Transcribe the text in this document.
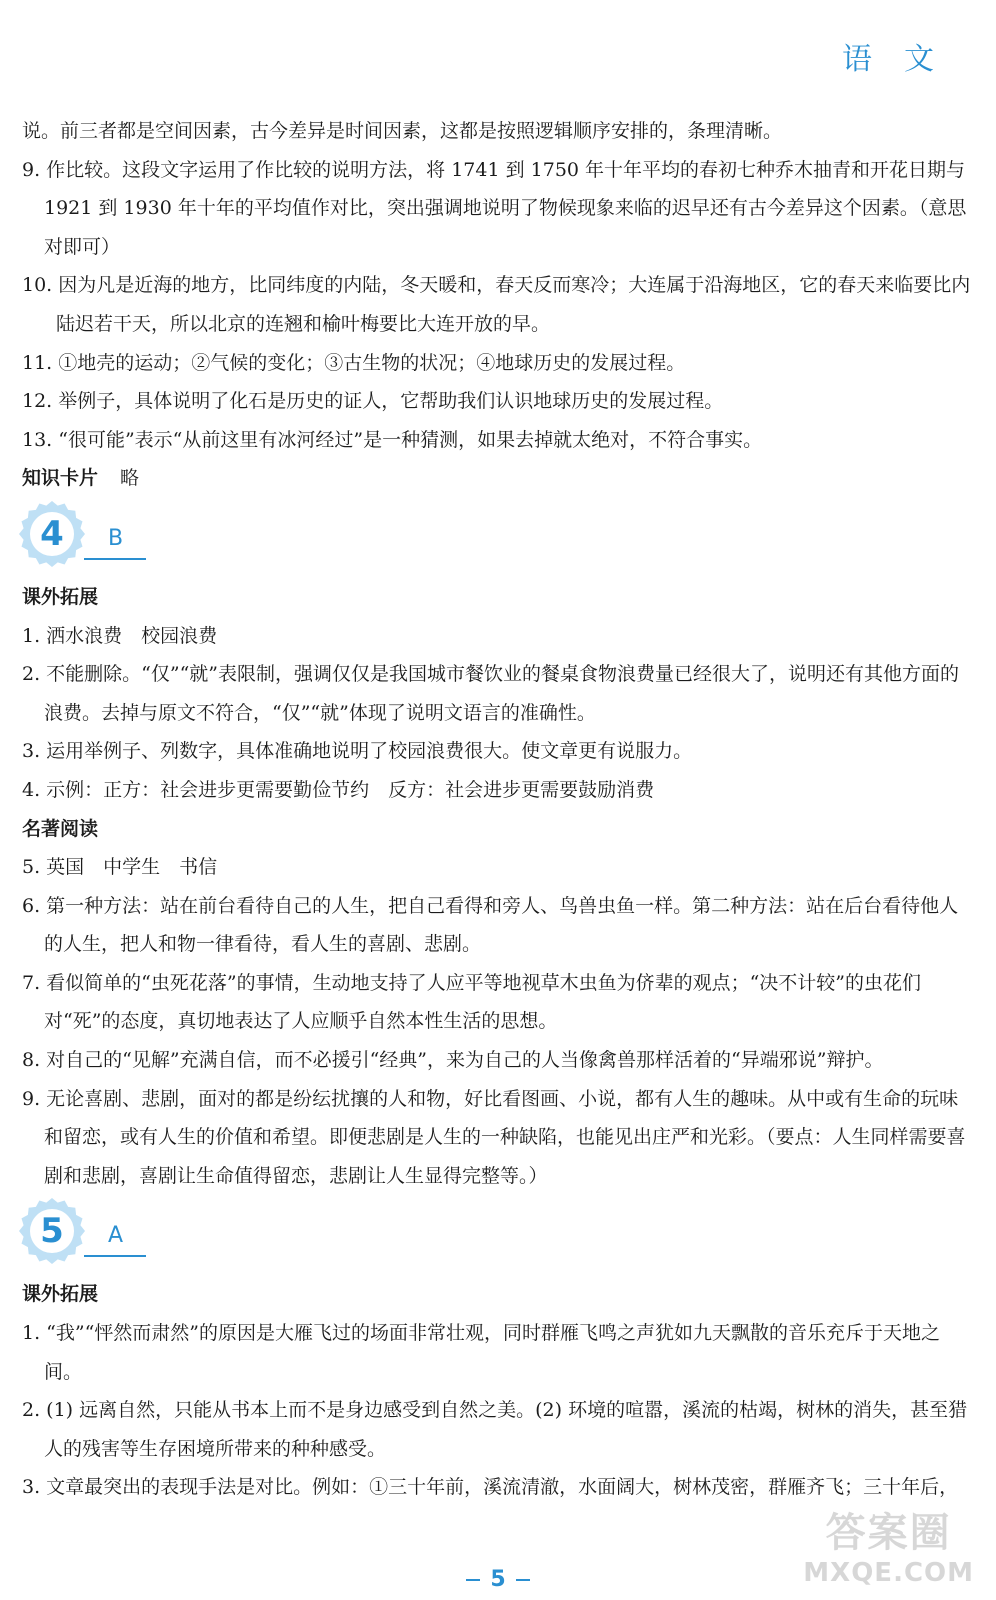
语文
说。前三者都是空间因素，古今差异是时间因素，这都是按照逻辑顺序安排的，条理清晰。
9. 作比较。这段文字运用了作比较的说明方法，将 1741 到 1750 年十年平均的春初七种乔木抽青和开花日期与 1921 到 1930 年十年的平均值作对比，突出强调地说明了物候现象来临的迟早还有古今差异这个因素。（意思对即可）
10. 因为凡是近海的地方，比同纬度的内陆，冬天暖和，春天反而寒冷；大连属于沿海地区，它的春天来临要比内陆迟若干天，所以北京的连翘和榆叶梅要比大连开放的早。
11. ①地壳的运动；②气候的变化；③古生物的状况；④地球历史的发展过程。
12. 举例子，具体说明了化石是历史的证人，它帮助我们认识地球历史的发展过程。
13. “很可能”表示“从前这里有冰河经过”是一种猜测，如果去掉就太绝对，不符合事实。
知识卡片 略
4	B
课外拓展
1. 洒水浪费　校园浪费
2. 不能删除。“仅”“就”表限制，强调仅仅是我国城市餐饮业的餐桌食物浪费量已经很大了，说明还有其他方面的浪费。去掉与原文不符合，“仅”“就”体现了说明文语言的准确性。
3. 运用举例子、列数字，具体准确地说明了校园浪费很大。使文章更有说服力。
4. 示例：正方：社会进步更需要勤俭节约　反方：社会进步更需要鼓励消费
名著阅读
5. 英国　中学生　书信
6. 第一种方法：站在前台看待自己的人生，把自己看得和旁人、鸟兽虫鱼一样。第二种方法：站在后台看待他人的人生，把人和物一律看待，看人生的喜剧、悲剧。
7. 看似简单的“虫死花落”的事情，生动地支持了人应平等地视草木虫鱼为侪辈的观点；“决不计较”的虫花们对“死”的态度，真切地表达了人应顺乎自然本性生活的思想。
8. 对自己的“见解”充满自信，而不必援引“经典”，来为自己的人当像禽兽那样活着的“异端邪说”辩护。
9. 无论喜剧、悲剧，面对的都是纷纭扰攘的人和物，好比看图画、小说，都有人生的趣味。从中或有生命的玩味和留恋，或有人生的价值和希望。即便悲剧是人生的一种缺陷，也能见出庄严和光彩。（要点：人生同样需要喜剧和悲剧，喜剧让生命值得留恋，悲剧让人生显得完整等。）
5	A
课外拓展
1. “我”“怦然而肃然”的原因是大雁飞过的场面非常壮观，同时群雁飞鸣之声犹如九天飘散的音乐充斥于天地之间。
2. (1) 远离自然，只能从书本上而不是身边感受到自然之美。(2) 环境的喧嚣，溪流的枯竭，树林的消失，甚至猎人的残害等生存困境所带来的种种感受。
3. 文章最突出的表现手法是对比。例如：①三十年前，溪流清澈，水面阔大，树林茂密，群雁齐飞；三十年后，
5
答案圈
MXQE.COM
